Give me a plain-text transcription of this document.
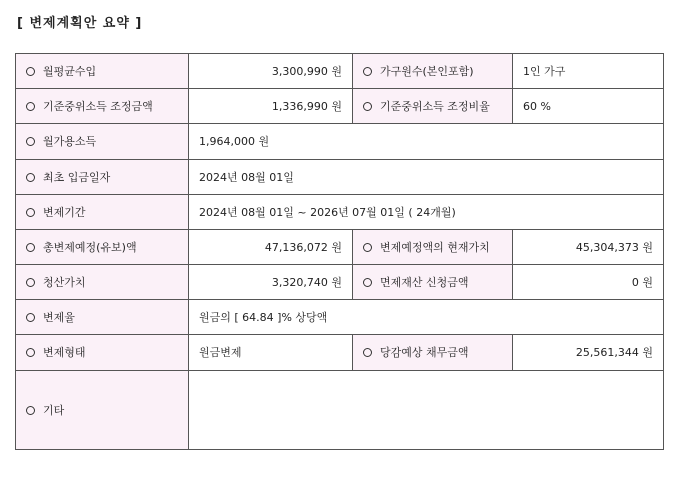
[ 변제계획안 요약 ]
월평균수입	3,300,990 원	가구원수(본인포함)	1인 가구
기준중위소득 조정금액	1,336,990 원	기준중위소득 조정비율	60 %
월가용소득	1,964,000 원		
최초 입금일자	2024년 08월 01일		
변제기간	2024년 08월 01일 ~ 2026년 07월 01일 ( 24개월)		
총변제예정(유보)액	47,136,072 원	변제예정액의 현재가치	45,304,373 원
청산가치	3,320,740 원	면제재산 신청금액	0 원
변제율	원금의 [ 64.84 ]% 상당액		
변제형태	원금변제	당감예상 채무금액	25,561,344 원
기타			
